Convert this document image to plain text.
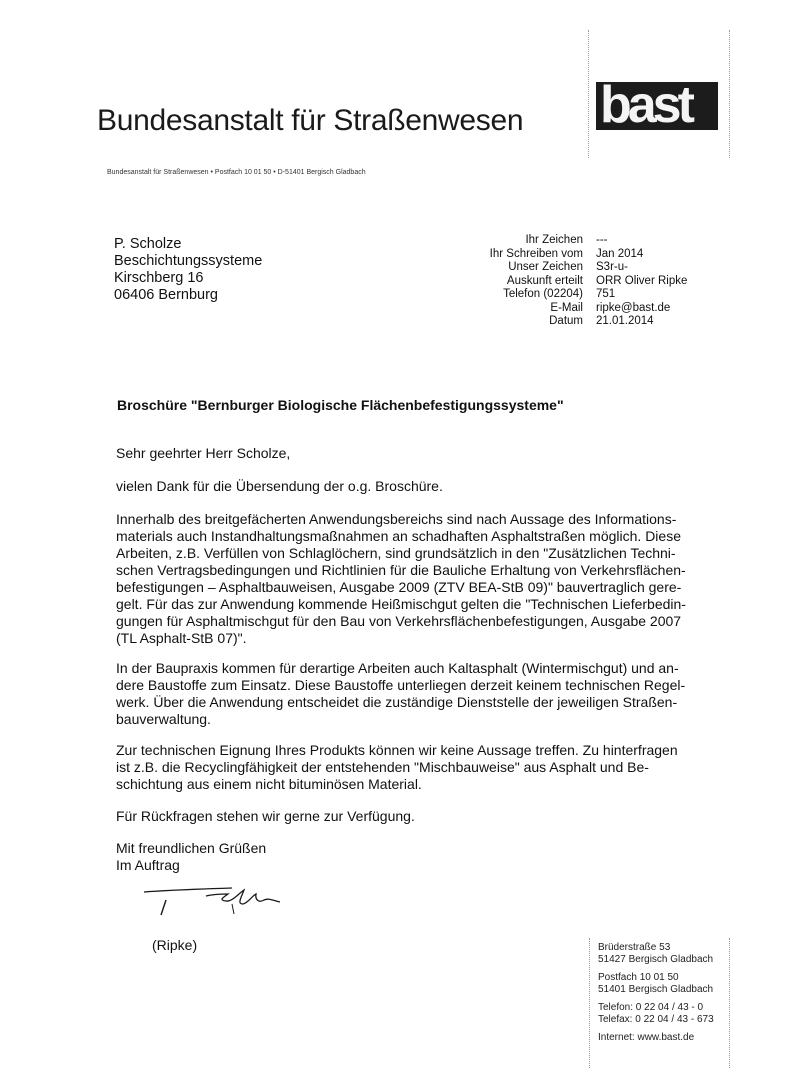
Bundesanstalt für Straßenwesen bast
Bundesanstalt für Straßenwesen • Postfach 10 01 50 • D-51401 Bergisch Gladbach
P. Scholze
Beschichtungssysteme
Kirschberg 16
06406 Bernburg
Ihr Zeichen
Ihr Schreiben vom
Unser Zeichen
Auskunft erteilt
Telefon (02204)
E-Mail
Datum
---
Jan 2014
S3r-u-
ORR Oliver Ripke
751
ripke@bast.de
21.01.2014
Broschüre "Bernburger Biologische Flächenbefestigungssysteme"
Sehr geehrter Herr Scholze,
vielen Dank für die Übersendung der o.g. Broschüre.
Innerhalb des breitgefächerten Anwendungsbereichs sind nach Aussage des Informations-
materials auch Instandhaltungsmaßnahmen an schadhaften Asphaltstraßen möglich. Diese
Arbeiten, z.B. Verfüllen von Schlaglöchern, sind grundsätzlich in den "Zusätzlichen Techni-
schen Vertragsbedingungen und Richtlinien für die Bauliche Erhaltung von Verkehrsflächen-
befestigungen – Asphaltbauweisen, Ausgabe 2009 (ZTV BEA-StB 09)" bauvertraglich gere-
gelt. Für das zur Anwendung kommende Heißmischgut gelten die "Technischen Lieferbedin-
gungen für Asphaltmischgut für den Bau von Verkehrsflächenbefestigungen, Ausgabe 2007
(TL Asphalt-StB 07)".
In der Baupraxis kommen für derartige Arbeiten auch Kaltasphalt (Wintermischgut) und an-
dere Baustoffe zum Einsatz. Diese Baustoffe unterliegen derzeit keinem technischen Regel-
werk. Über die Anwendung entscheidet die zuständige Dienststelle der jeweiligen Straßen-
bauverwaltung.
Zur technischen Eignung Ihres Produkts können wir keine Aussage treffen. Zu hinterfragen
ist z.B. die Recyclingfähigkeit der entstehenden "Mischbauweise" aus Asphalt und Be-
schichtung aus einem nicht bituminösen Material.
Für Rückfragen stehen wir gerne zur Verfügung.
Mit freundlichen Grüßen
Im Auftrag
(Ripke)	Brüderstraße 53
51427 Bergisch Gladbach
Postfach 10 01 50
51401 Bergisch Gladbach
Telefon: 0 22 04 / 43 - 0
Telefax: 0 22 04 / 43 - 673
Internet: www.bast.de
